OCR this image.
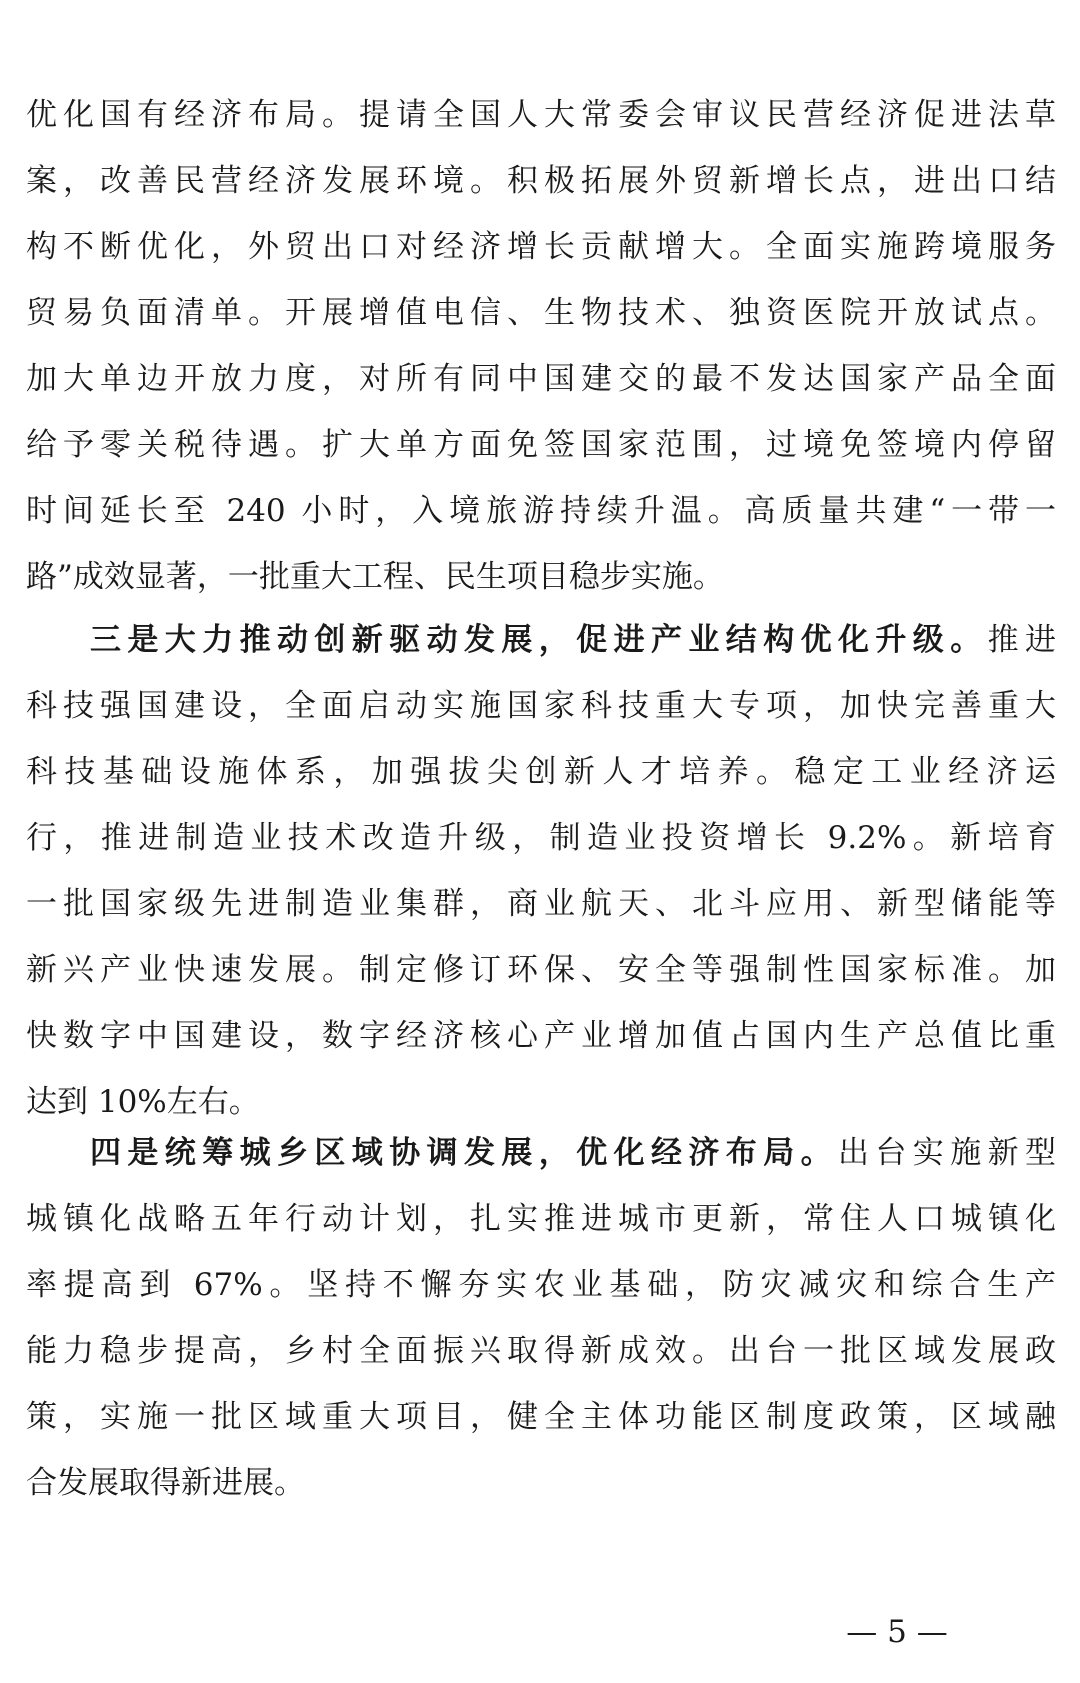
优化国有经济布局。提请全国人大常委会审议民营经济促进法草
案，改善民营经济发展环境。积极拓展外贸新增长点，进出口结
构不断优化，外贸出口对经济增长贡献增大。全面实施跨境服务
贸易负面清单。开展增值电信、生物技术、独资医院开放试点。
加大单边开放力度，对所有同中国建交的最不发达国家产品全面
给予零关税待遇。扩大单方面免签国家范围，过境免签境内停留
时间延长至 240 小时，入境旅游持续升温。高质量共建“一带一
路”成效显著，一批重大工程、民生项目稳步实施。
三是大力推动创新驱动发展，促进产业结构优化升级。推进
科技强国建设，全面启动实施国家科技重大专项，加快完善重大
科技基础设施体系，加强拔尖创新人才培养。稳定工业经济运
行，推进制造业技术改造升级，制造业投资增长 9.2%。新培育
一批国家级先进制造业集群，商业航天、北斗应用、新型储能等
新兴产业快速发展。制定修订环保、安全等强制性国家标准。加
快数字中国建设，数字经济核心产业增加值占国内生产总值比重
达到 10%左右。
四是统筹城乡区域协调发展，优化经济布局。出台实施新型
城镇化战略五年行动计划，扎实推进城市更新，常住人口城镇化
率提高到 67%。坚持不懈夯实农业基础，防灾减灾和综合生产
能力稳步提高，乡村全面振兴取得新成效。出台一批区域发展政
策，实施一批区域重大项目，健全主体功能区制度政策，区域融
合发展取得新进展。
— 5 —
